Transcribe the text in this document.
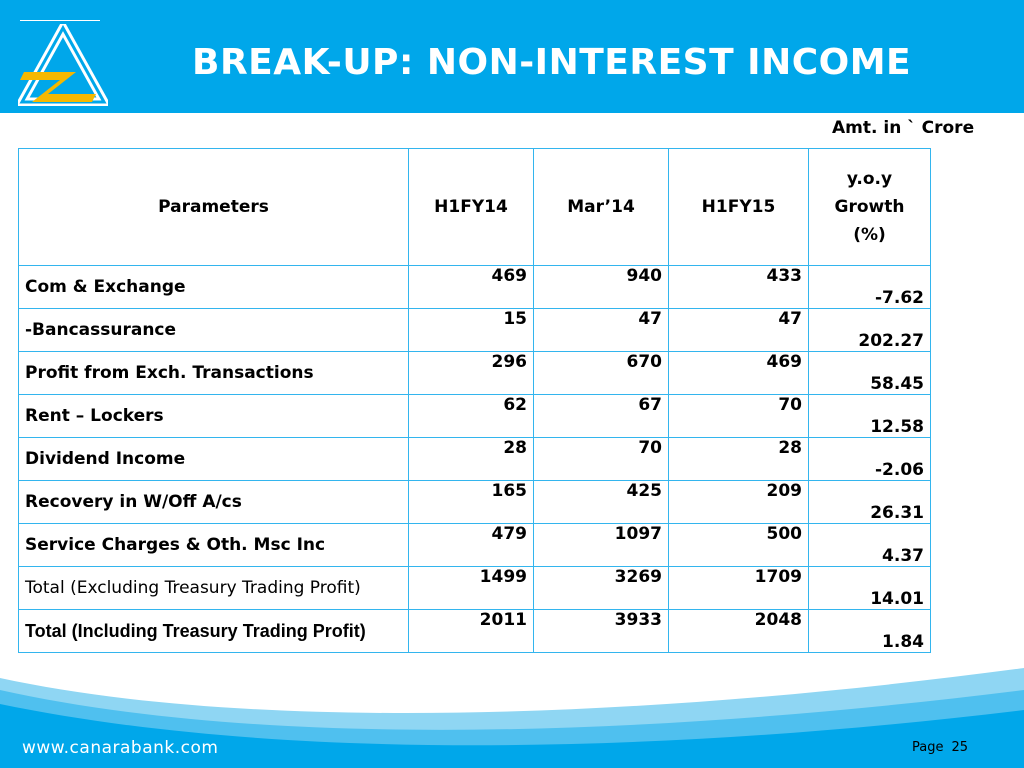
BREAK-UP: NON-INTEREST INCOME
Amt. in ` Crore
Parameters	H1FY14	Mar’14	H1FY15	y.o.y
Growth
(%)

Com & Exchange	469	940	433	-7.62
-Bancassurance	15	47	47	202.27
Profit from Exch. Transactions	296	670	469	58.45
Rent – Lockers	62	67	70	12.58
Dividend Income	28	70	28	-2.06
Recovery in W/Off A/cs	165	425	209	26.31
Service Charges & Oth. Msc Inc	479	1097	500	4.37
Total (Excluding Treasury Trading Profit)	1499	3269	1709	14.01
Total (Including Treasury Trading Profit)	2011	3933	2048	1.84
www.canarabank.com	Page 25
